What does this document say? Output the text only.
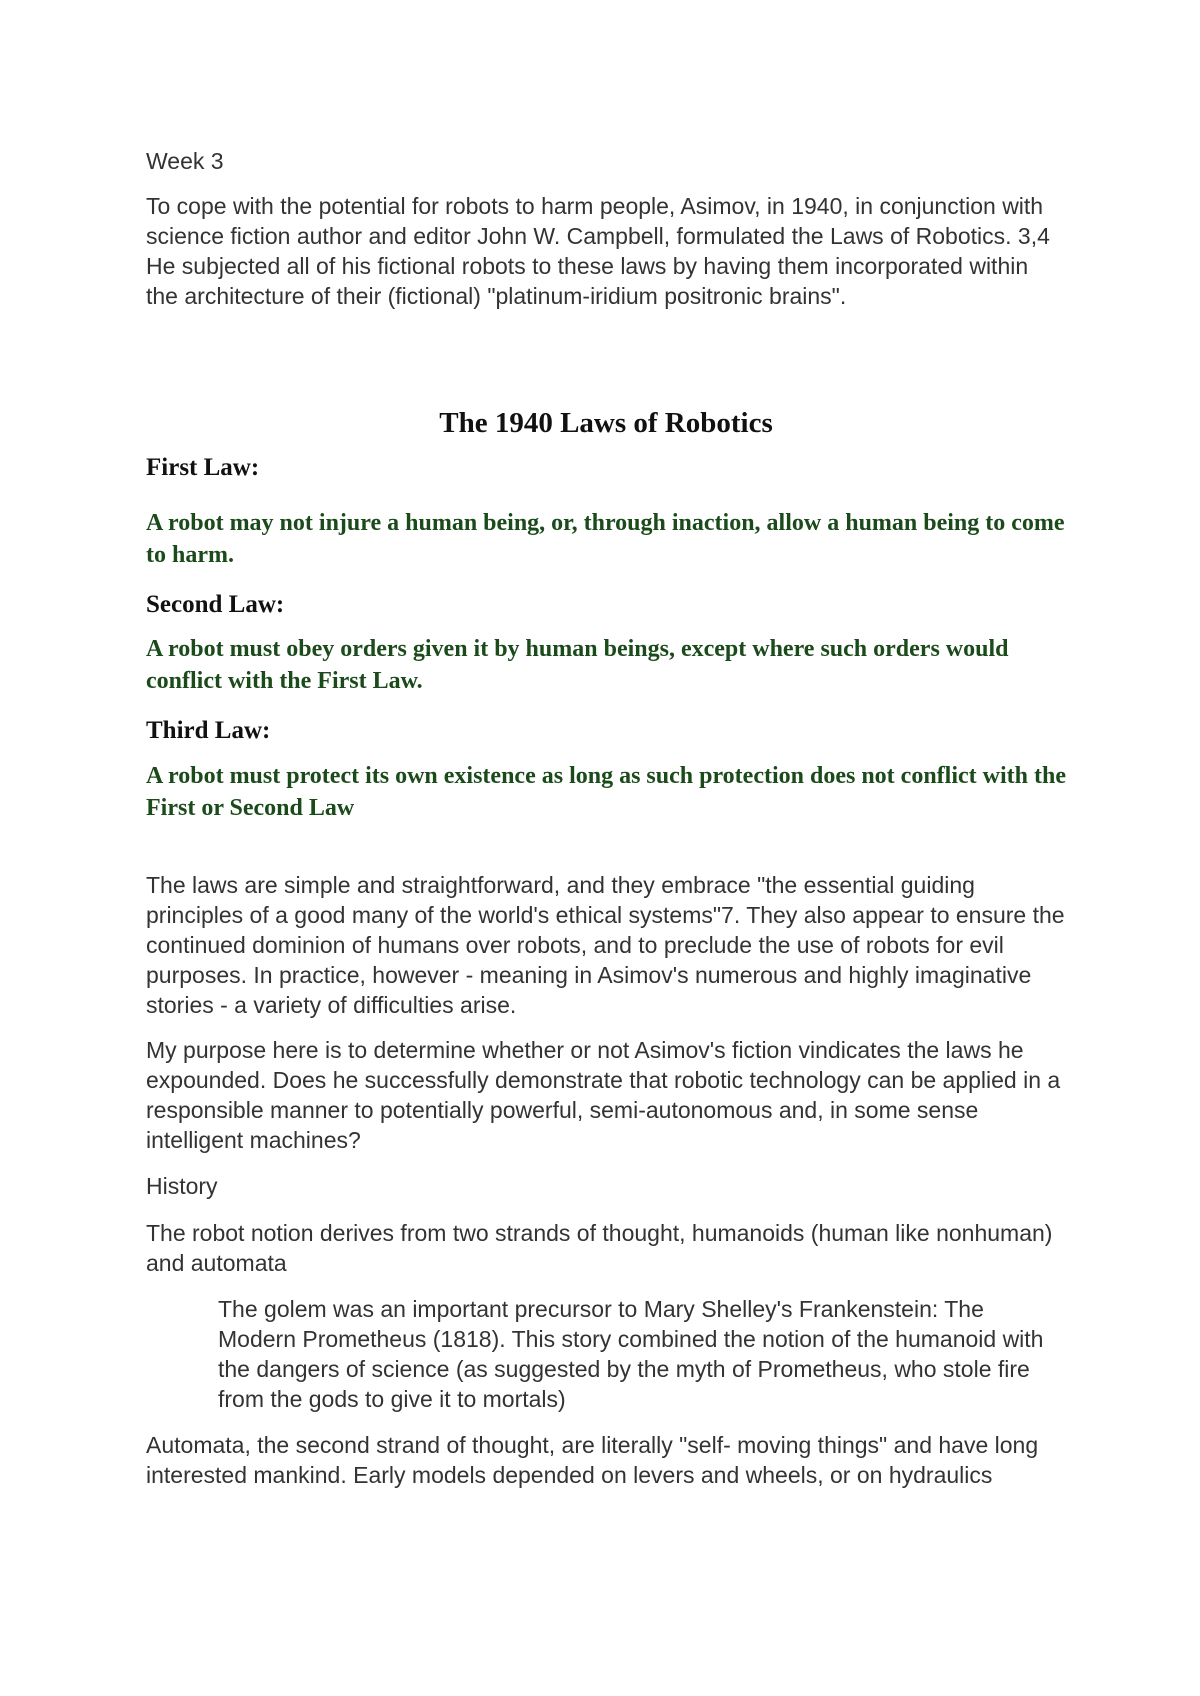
Week 3

To cope with the potential for robots to harm people, Asimov, in 1940, in conjunction with science fiction author and editor John W. Campbell, formulated the Laws of Robotics. 3,4 He subjected all of his fictional robots to these laws by having them incorporated within the architecture of their (fictional) "platinum-iridium positronic brains".

The 1940 Laws of Robotics
First Law:

A robot may not injure a human being, or, through inaction, allow a human being to come to harm.

Second Law:

A robot must obey orders given it by human beings, except where such orders would conflict with the First Law.

Third Law:

A robot must protect its own existence as long as such protection does not conflict with the First or Second Law

The laws are simple and straightforward, and they embrace "the essential guiding principles of a good many of the world's ethical systems"7. They also appear to ensure the continued dominion of humans over robots, and to preclude the use of robots for evil purposes. In practice, however - meaning in Asimov's numerous and highly imaginative stories - a variety of difficulties arise.

My purpose here is to determine whether or not Asimov's fiction vindicates the laws he expounded. Does he successfully demonstrate that robotic technology can be applied in a responsible manner to potentially powerful, semi-autonomous and, in some sense intelligent machines?

History

The robot notion derives from two strands of thought, humanoids (human like nonhuman) and automata

The golem was an important precursor to Mary Shelley's Frankenstein: The Modern Prometheus (1818). This story combined the notion of the humanoid with the dangers of science (as suggested by the myth of Prometheus, who stole fire from the gods to give it to mortals)

Automata, the second strand of thought, are literally "self- moving things" and have long interested mankind. Early models depended on levers and wheels, or on hydraulics
